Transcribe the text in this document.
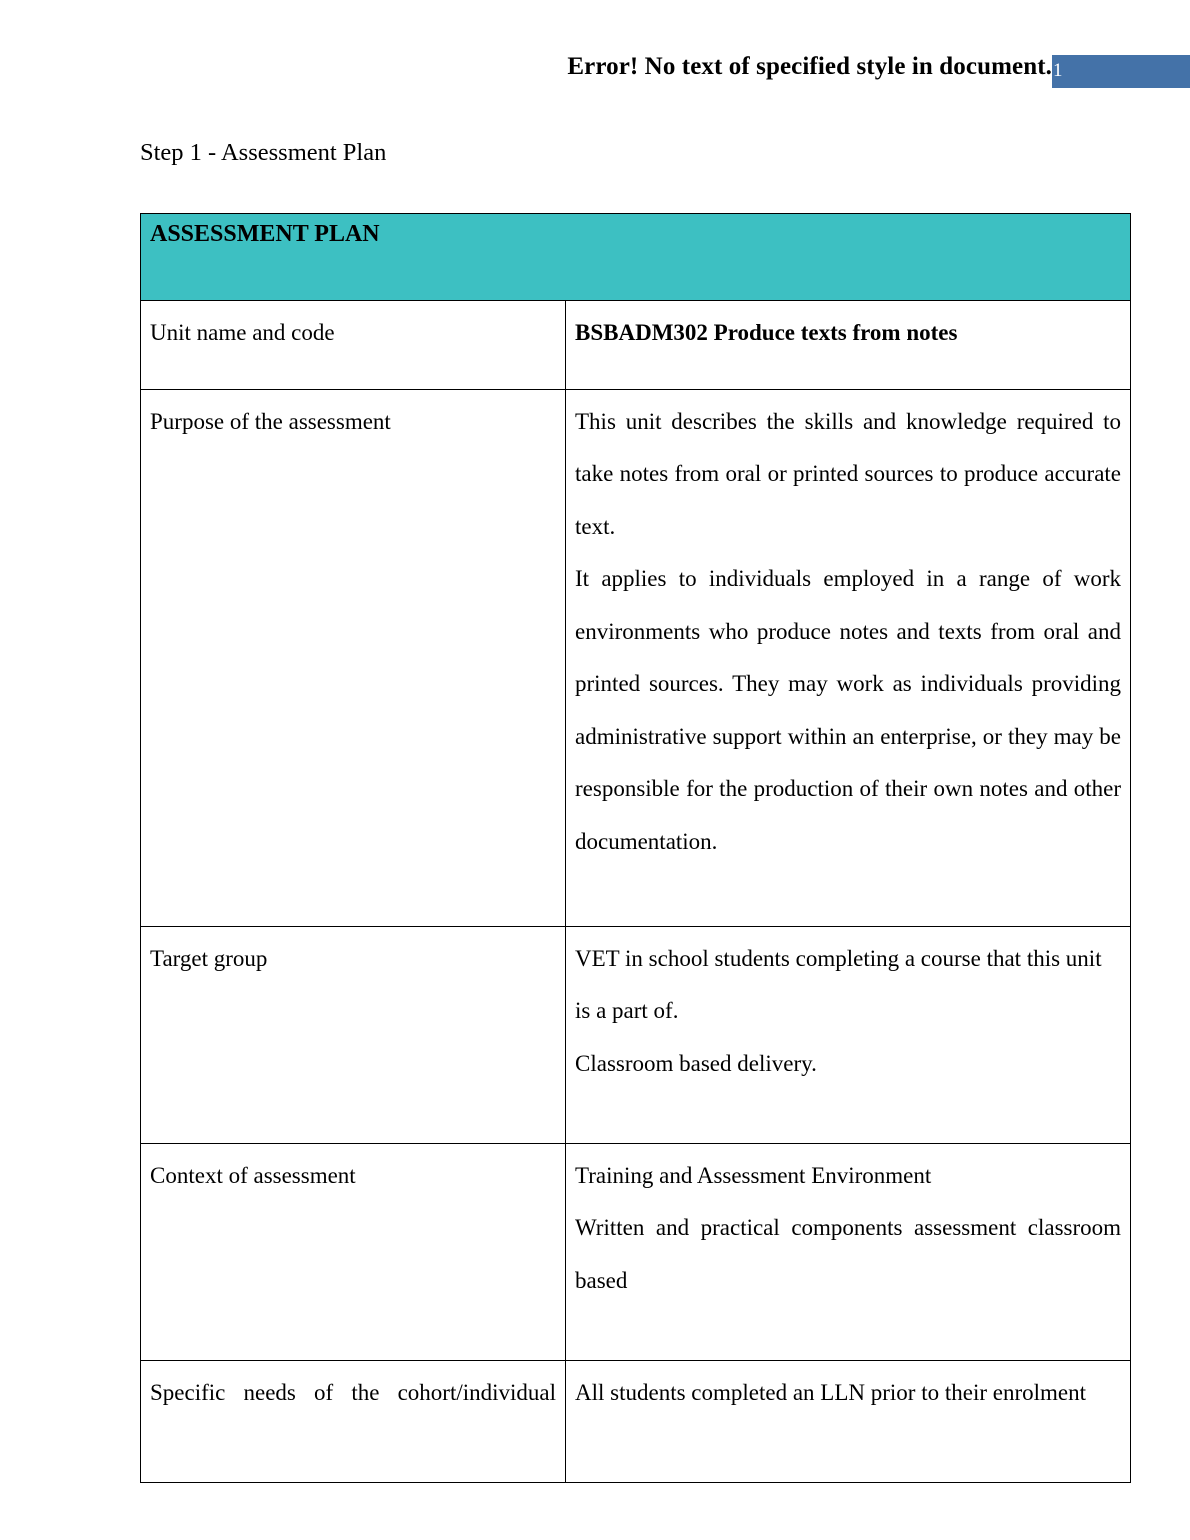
Error! No text of specified style in document. 1
Step 1 - Assessment Plan
ASSESSMENT PLAN	

Unit name and code	BSBADM302 Produce texts from notes

Purpose of the assessment	This unit describes the skills and knowledge required to take notes from oral or printed sources to produce accurate text.

It applies to individuals employed in a range of work environments who produce notes and texts from oral and printed sources. They may work as individuals providing administrative support within an enterprise, or they may be responsible for the production of their own notes and other documentation.

Target group	VET in school students completing a course that this unit is a part of.

Classroom based delivery.

Context of assessment	Training and Assessment Environment

Written and practical components assessment classroom based

Specific needs of the cohort/individual	All students completed an LLN prior to their enrolment
